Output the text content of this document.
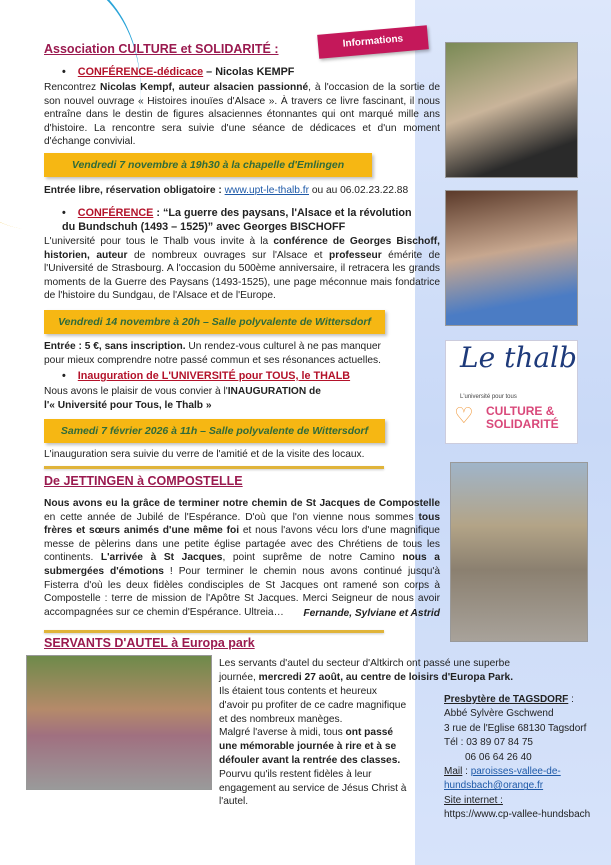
Informations
Association CULTURE et SOLIDARITÉ :
•    CONFÉRENCE-dédicace – Nicolas KEMPF
Rencontrez Nicolas Kempf, auteur alsacien passionné, à l'occasion de la sortie de son nouvel ouvrage « Histoires inouïes d'Alsace ». À travers ce livre fascinant, il nous entraîne dans le destin de figures alsaciennes étonnantes qui ont marqué mille ans d'histoire. La rencontre sera suivie d'une séance de dédicaces et d'un moment d'échange convivial.
Vendredi 7 novembre à 19h30 à la chapelle d'Emlingen
Entrée libre, réservation obligatoire : www.upt-le-thalb.fr ou au 06.02.23.22.88
•    CONFÉRENCE : “La guerre des paysans, l'Alsace et la révolution du Bundschuh (1493 – 1525)” avec Georges BISCHOFF
L'université pour tous le Thalb vous invite à la conférence de Georges Bischoff, historien, auteur de nombreux ouvrages sur l'Alsace et professeur émérite de l'Université de Strasbourg. A l'occasion du 500ème anniversaire, il retracera les grands moments de la Guerre des Paysans (1493-1525), une page méconnue mais fondatrice de l'histoire du Sundgau, de l'Alsace et de l'Europe.
Vendredi 14 novembre à 20h – Salle polyvalente de Wittersdorf
Entrée : 5 €, sans inscription. Un rendez-vous culturel à ne pas manquer pour mieux comprendre notre passé commun et ses résonances actuelles.
•    Inauguration de L'UNIVERSITÉ pour TOUS, le THALB
Nous avons le plaisir de vous convier à l'INAUGURATION de
l'« Université pour Tous, le Thalb »
Samedi 7 février 2026 à 11h – Salle polyvalente de Wittersdorf
L'inauguration sera suivie du verre de l'amitié et de la visite des locaux.
Le thalb
L'université pour tous
CULTURE & SOLIDARITÉ
♡
De JETTINGEN à COMPOSTELLE
Nous avons eu la grâce de terminer notre chemin de St Jacques de Compostelle en cette année de Jubilé de l'Espérance. D'où que l'on vienne nous sommes tous frères et sœurs animés d'une même foi et nous l'avons vécu lors d'une magnifique messe de pèlerins dans une petite église partagée avec des Chrétiens de tous les continents. L'arrivée à St Jacques, point suprême de notre Camino nous a submergées d'émotions ! Pour terminer le chemin nous avons continué jusqu'à Fisterra d'où les deux fidèles condisciples de St Jacques ont ramené son corps à Compostelle : terre de mission de l'Apôtre St Jacques. Merci Seigneur de nous avoir accompagnées sur ce chemin d'Espérance. Ultreia…	Fernande, Sylviane et Astrid
SERVANTS D'AUTEL à Europa park
Les servants d'autel du secteur d'Altkirch ont passé une superbe journée, mercredi 27 août, au centre de loisirs d'Europa Park.
Ils étaient tous contents et heureux d'avoir pu profiter de ce cadre magnifique et des nombreux manèges.
Malgré l'averse à midi, tous ont passé une mémorable journée à rire et à se défouler avant la rentrée des classes. Pourvu qu'ils restent fidèles à leur engagement au service de Jésus Christ à l'autel.
Presbytère de TAGSDORF :
Abbé Sylvère Gschwend
3 rue de l'Eglise 68130 Tagsdorf
Tél : 03 89 07 84 75
06 06 64 26 40
Mail : paroisses-vallee-de-hundsbach@orange.fr
Site internet :
https://www.cp-vallee-hundsbach
